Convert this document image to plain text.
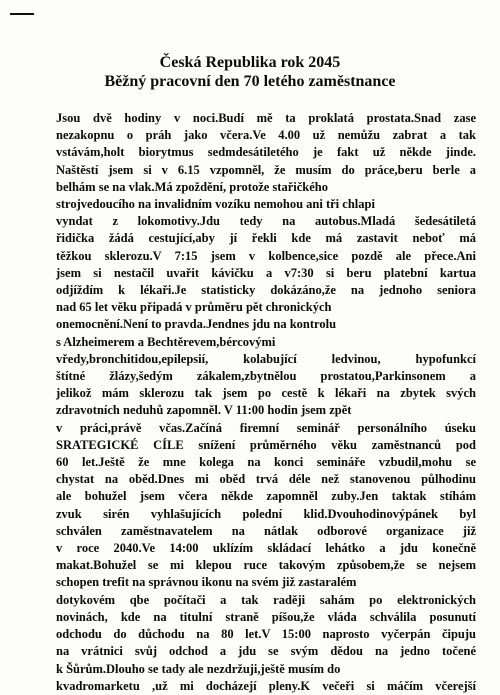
Česká Republika rok 2045
Běžný pracovní den 70 letého zaměstnance
Jsou dvě hodiny v noci.Budí mě ta proklatá prostata.Snad zase
nezakopnu o práh jako včera.Ve 4.00 už nemůžu zabrat a tak
vstávám,holt biorytmus sedmdesátiletého je fakt už někde jinde.
Naštěstí jsem si v 6.15 vzpomněl, že musím do práce,beru berle a
belhám se na vlak.Má zpoždění, protože stařičkého
strojvedoucího na invalidním vozíku nemohou ani tři chlapi
vyndat z lokomotivy.Jdu tedy na autobus.Mladá šedesátiletá
řidička žádá cestující,aby jí řekli kde má zastavit neboť má
těžkou sklerozu.V 7:15 jsem v kolbence,sice pozdě ale přece.Ani
jsem si nestačil uvařit kávičku a v7:30 si beru platební kartua
odjíždím k lékaři.Je statisticky dokázáno,že na jednoho seniora
nad 65 let věku připadá v průměru pět chronických
onemocnění.Není to pravda.Jendnes jdu na kontrolu
s Alzheimerem a Bechtěrevem,bércovými
vředy,bronchitidou,epilepsií, kolabující ledvinou, hypofunkcí
štítné žlázy,šedým zákalem,zbytnělou prostatou,Parkinsonem a
jelikož mám sklerozu tak jsem po cestě k lékaři na zbytek svých
zdravotních neduhů zapomněl. V 11:00 hodin jsem zpět
v práci,právě včas.Začíná firemní seminář personálního úseku
SRATEGICKÉ CÍLE snížení průměrného věku zaměstnanců pod
60 let.Ještě že mne kolega na konci semináře vzbudil,mohu se
chystat na oběd.Dnes mi oběd trvá déle než stanovenou půlhodinu
ale bohužel jsem včera někde zapomněl zuby.Jen taktak stíhám
zvuk sirén vyhlašujících polední klid.Dvouhodinovýpánek byl
schválen zaměstnavatelem na nátlak odborové organizace již
v roce 2040.Ve 14:00 uklízím skládací lehátko a jdu konečně
makat.Bohužel se mi klepou ruce takovým způsobem,že se nejsem
schopen trefit na správnou ikonu na svém již zastaralém
dotykovém qbe počítači a tak raději sahám po elektronických
novinách, kde na titulní straně píšou,že vláda schválila posunutí
odchodu do důchodu na 80 let.V 15:00 naprosto vyčerpán čipuju
na vrátnici svůj odchod a jdu se svým dědou na jedno točené
k Šůrům.Dlouho se tady ale nezdržuji,ještě musím do
kvadromarketu ,už mi docházejí pleny.K večeři si máčím včerejší
